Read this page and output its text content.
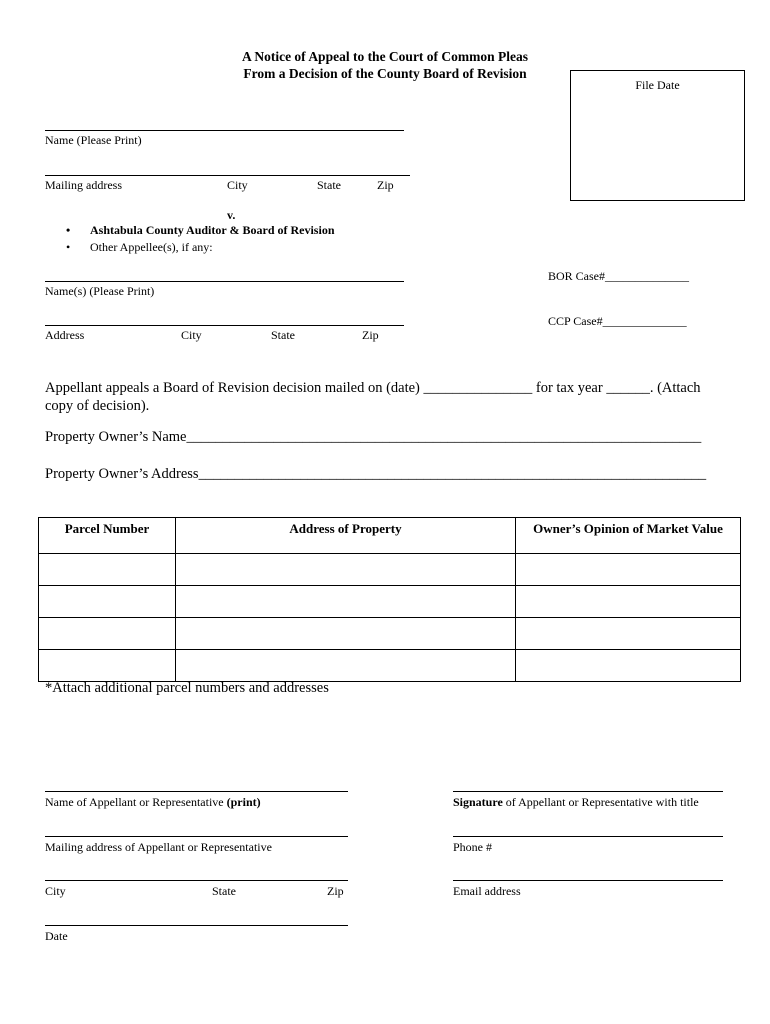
A Notice of Appeal to the Court of Common Pleas
From a Decision of the County Board of Revision
File Date
Name (Please Print)
Mailing address	City	State	Zip
v.
• Ashtabula County Auditor & Board of Revision
• Other Appellee(s), if any:
Name(s) (Please Print)
BOR Case#______________
Address	City	State	Zip
CCP Case#______________
Appellant appeals a Board of Revision decision mailed on (date) _______________ for tax year ______. (Attach
copy of decision).
Property Owner’s Name_______________________________________________________________________
Property Owner’s Address______________________________________________________________________
Parcel Number	Address of Property	Owner’s Opinion of Market Value

*Attach additional parcel numbers and addresses
Name of Appellant or Representative (print)
Mailing address of Appellant or Representative
City	State	Zip
Date
Signature of Appellant or Representative with title
Phone #
Email address
